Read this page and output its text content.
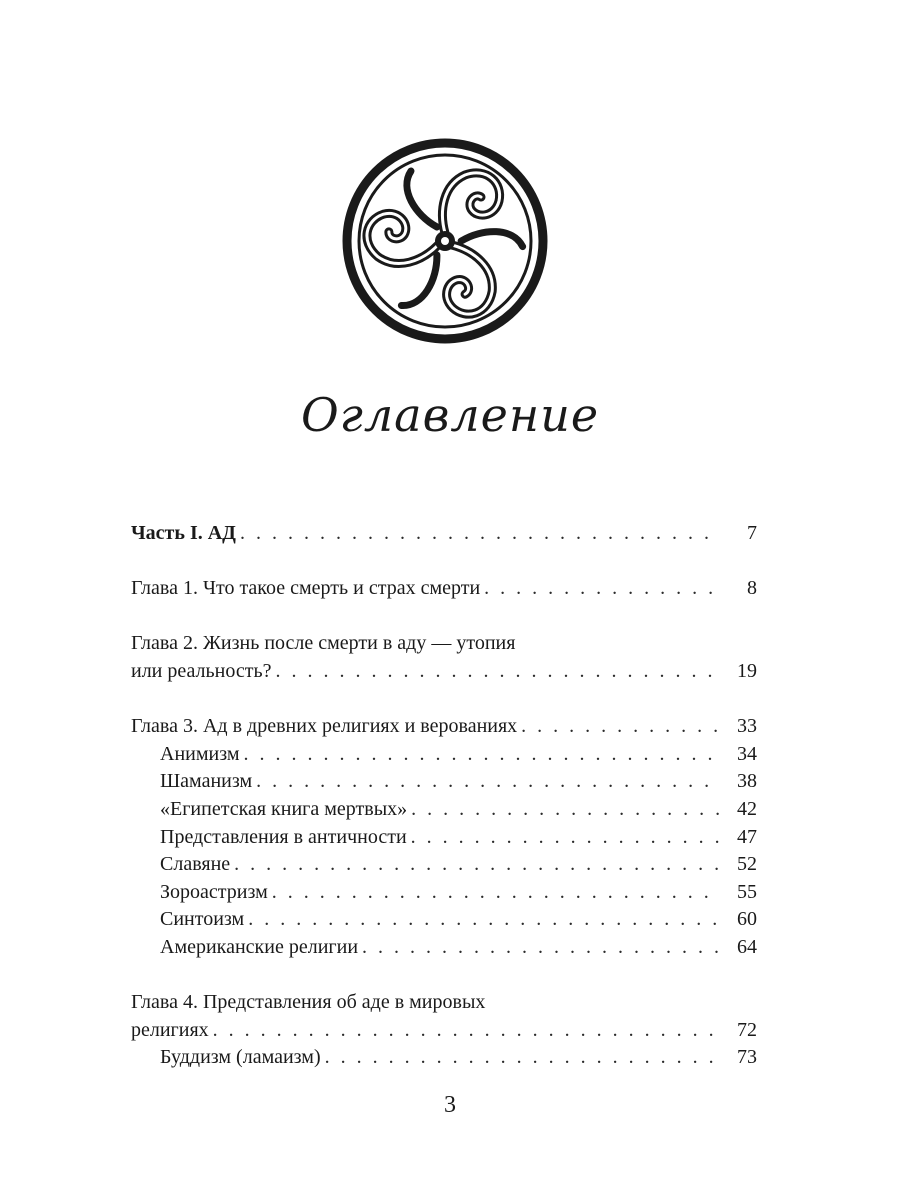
Оглавление
Часть I. АД . . .	7
Глава 1. Что такое смерть и страх смерти . . .	8
Глава 2. Жизнь после смерти в аду — утопия
или реальность? . . .	19
Глава 3. Ад в древних религиях и верованиях . . .	33
Анимизм . . .	34
Шаманизм . . .	38
«Египетская книга мертвых» . . .	42
Представления в античности . . .	47
Славяне . . .	52
Зороастризм . . .	55
Синтоизм . . .	60
Американские религии . . .	64
Глава 4. Представления об аде в мировых
религиях . . .	72
Буддизм (ламаизм) . . .	73
3
